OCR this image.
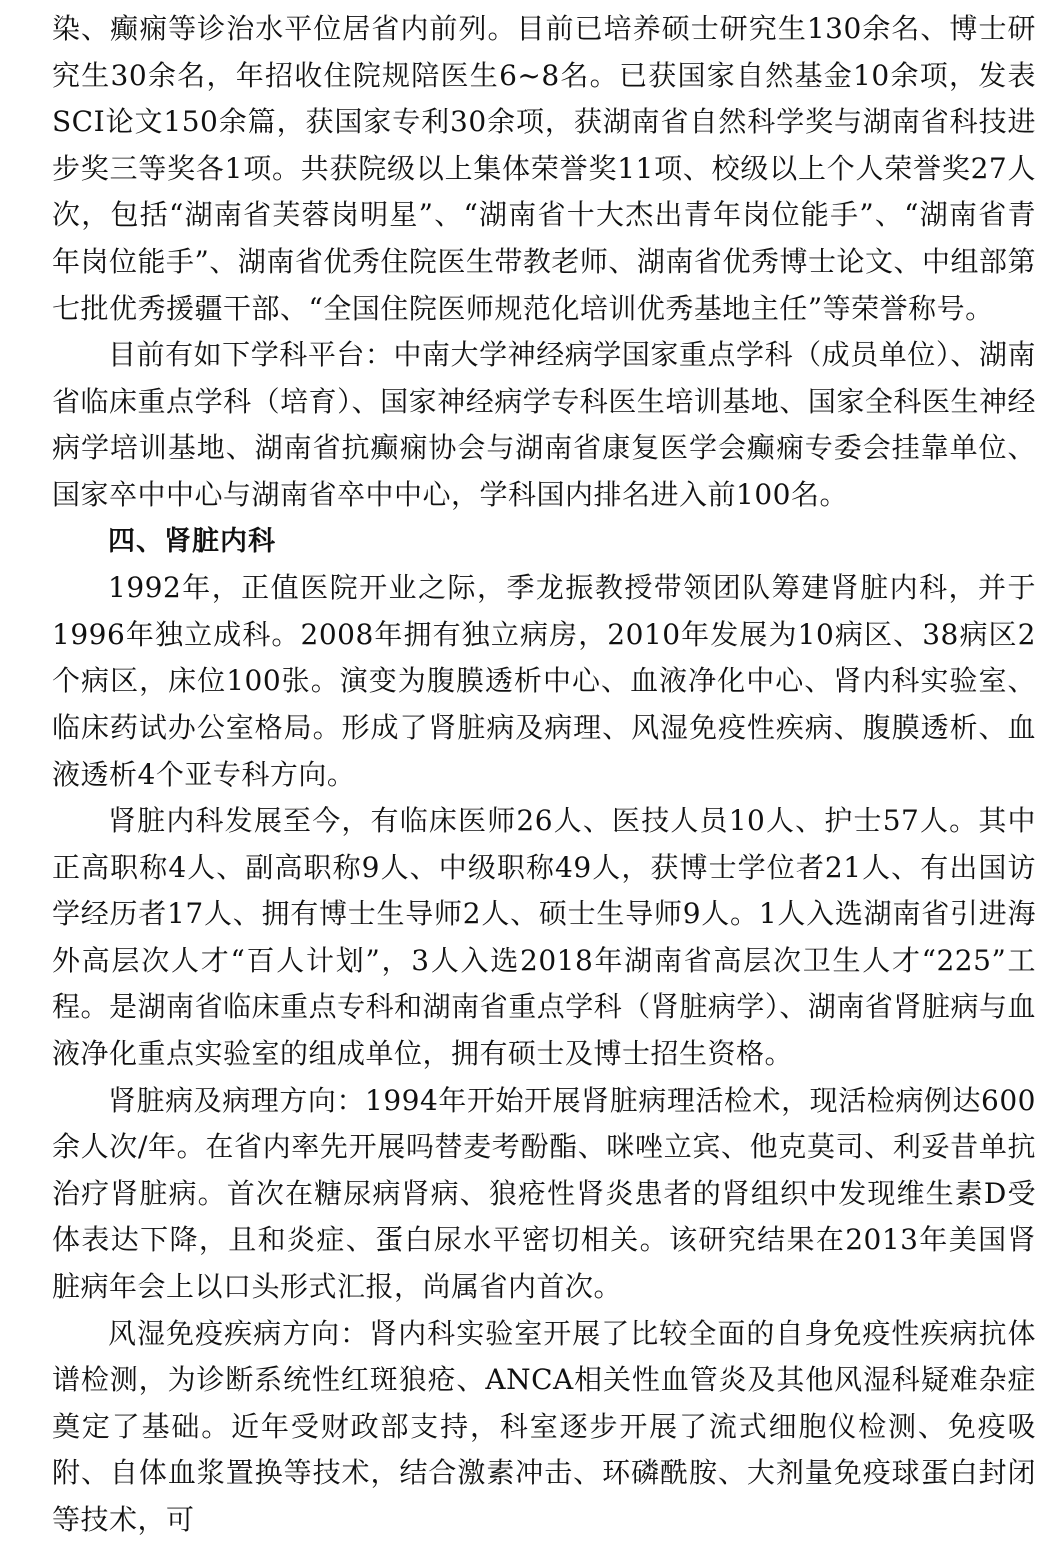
染、癫痫等诊治水平位居省内前列。目前已培养硕士研究生130余名、博士研究生30余名，年招收住院规陪医生6~8名。已获国家自然基金10余项，发表SCI论文150余篇，获国家专利30余项，获湖南省自然科学奖与湖南省科技进步奖三等奖各1项。共获院级以上集体荣誉奖11项、校级以上个人荣誉奖27人次，包括“湖南省芙蓉岗明星”、“湖南省十大杰出青年岗位能手”、“湖南省青年岗位能手”、湖南省优秀住院医生带教老师、湖南省优秀博士论文、中组部第七批优秀援疆干部、“全国住院医师规范化培训优秀基地主任”等荣誉称号。

目前有如下学科平台：中南大学神经病学国家重点学科（成员单位）、湖南省临床重点学科（培育）、国家神经病学专科医生培训基地、国家全科医生神经病学培训基地、湖南省抗癫痫协会与湖南省康复医学会癫痫专委会挂靠单位、国家卒中中心与湖南省卒中中心，学科国内排名进入前100名。

四、肾脏内科

1992年，正值医院开业之际，季龙振教授带领团队筹建肾脏内科，并于1996年独立成科。2008年拥有独立病房，2010年发展为10病区、38病区2个病区，床位100张。演变为腹膜透析中心、血液净化中心、肾内科实验室、临床药试办公室格局。形成了肾脏病及病理、风湿免疫性疾病、腹膜透析、血液透析4个亚专科方向。

肾脏内科发展至今，有临床医师26人、医技人员10人、护士57人。其中正高职称4人、副高职称9人、中级职称49人，获博士学位者21人、有出国访学经历者17人、拥有博士生导师2人、硕士生导师9人。1人入选湖南省引进海外高层次人才“百人计划”，3人入选2018年湖南省高层次卫生人才“225”工程。是湖南省临床重点专科和湖南省重点学科（肾脏病学）、湖南省肾脏病与血液净化重点实验室的组成单位，拥有硕士及博士招生资格。

肾脏病及病理方向：1994年开始开展肾脏病理活检术，现活检病例达600余人次/年。在省内率先开展吗替麦考酚酯、咪唑立宾、他克莫司、利妥昔单抗治疗肾脏病。首次在糖尿病肾病、狼疮性肾炎患者的肾组织中发现维生素D受体表达下降，且和炎症、蛋白尿水平密切相关。该研究结果在2013年美国肾脏病年会上以口头形式汇报，尚属省内首次。

风湿免疫疾病方向：肾内科实验室开展了比较全面的自身免疫性疾病抗体谱检测，为诊断系统性红斑狼疮、ANCA相关性血管炎及其他风湿科疑难杂症奠定了基础。近年受财政部支持，科室逐步开展了流式细胞仪检测、免疫吸附、自体血浆置换等技术，结合激素冲击、环磷酰胺、大剂量免疫球蛋白封闭等技术，可
